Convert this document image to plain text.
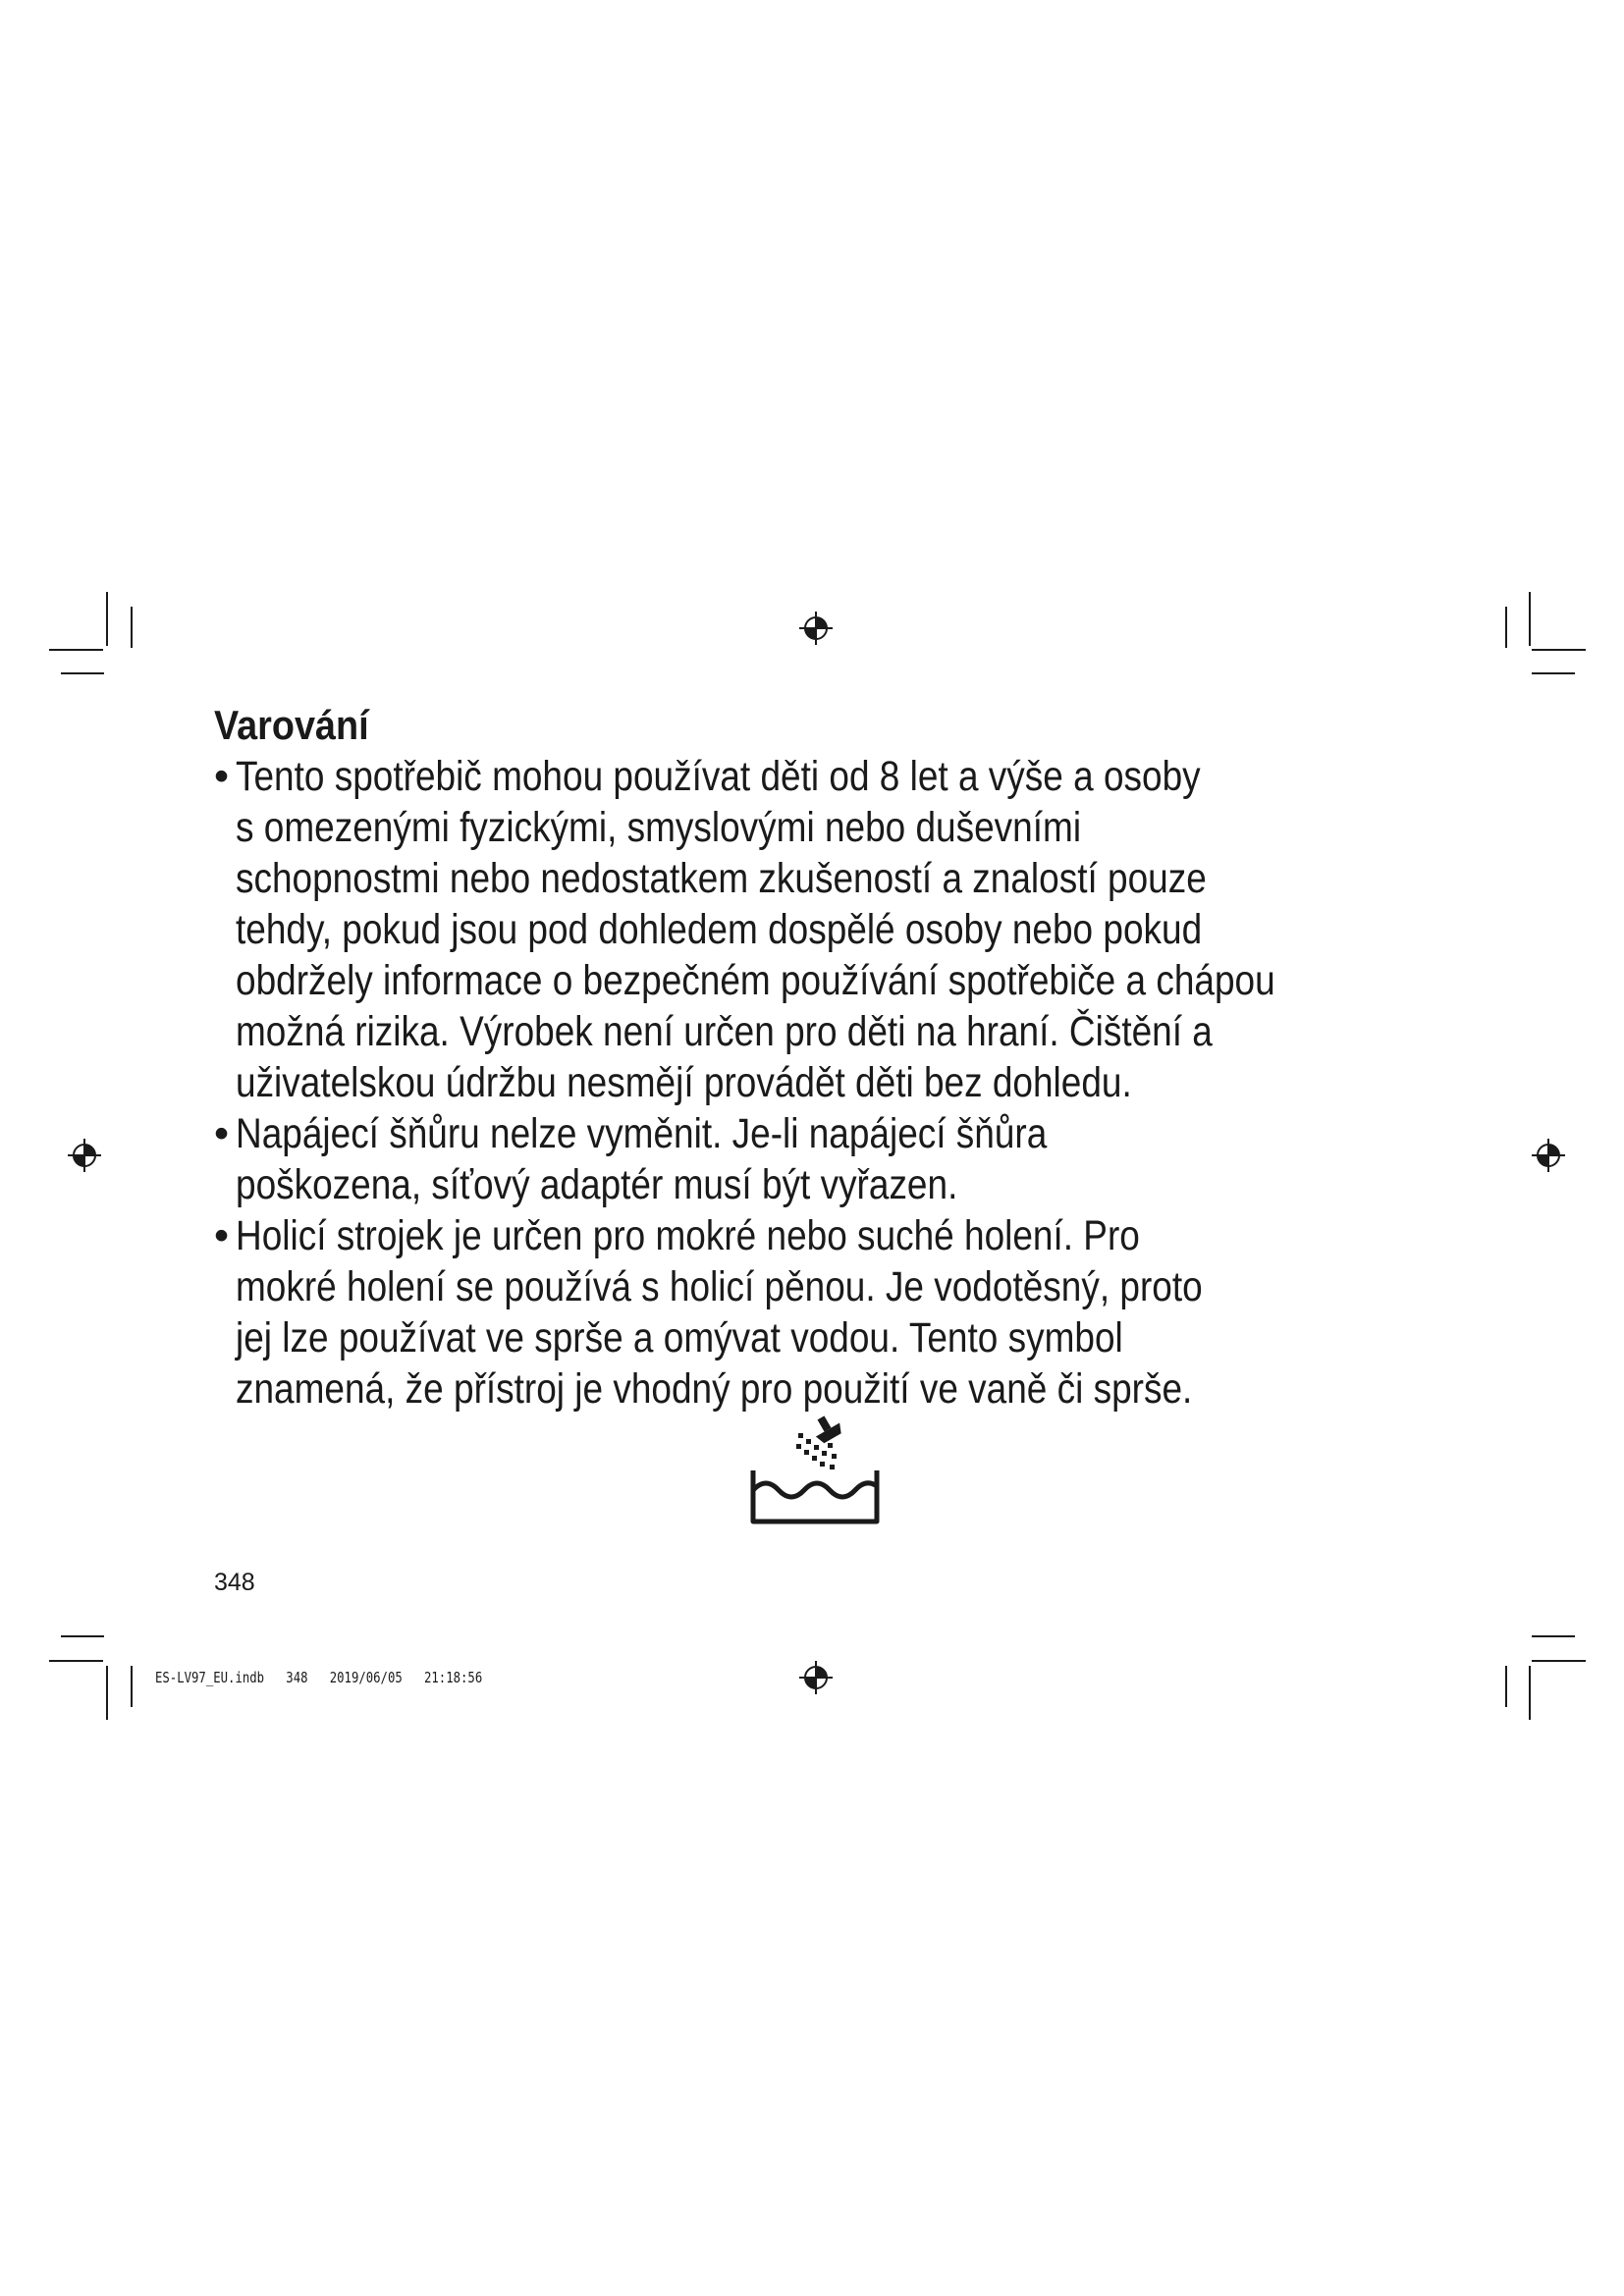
Varování
• Tento spotřebič mohou používat děti od 8 let a výše a osoby
s omezenými fyzickými, smyslovými nebo duševními
schopnostmi nebo nedostatkem zkušeností a znalostí pouze
tehdy, pokud jsou pod dohledem dospělé osoby nebo pokud
obdržely informace o bezpečném používání spotřebiče a chápou
možná rizika. Výrobek není určen pro děti na hraní. Čištění a
uživatelskou údržbu nesmějí provádět děti bez dohledu.
• Napájecí šňůru nelze vyměnit. Je-li napájecí šňůra
poškozena, síťový adaptér musí být vyřazen.
• Holicí strojek je určen pro mokré nebo suché holení. Pro
mokré holení se používá s holicí pěnou. Je vodotěsný, proto
jej lze používat ve sprše a omývat vodou. Tento symbol
znamená, že přístroj je vhodný pro použití ve vaně či sprše.
348
ES-LV97_EU.indb   348   2019/06/05   21:18:56
